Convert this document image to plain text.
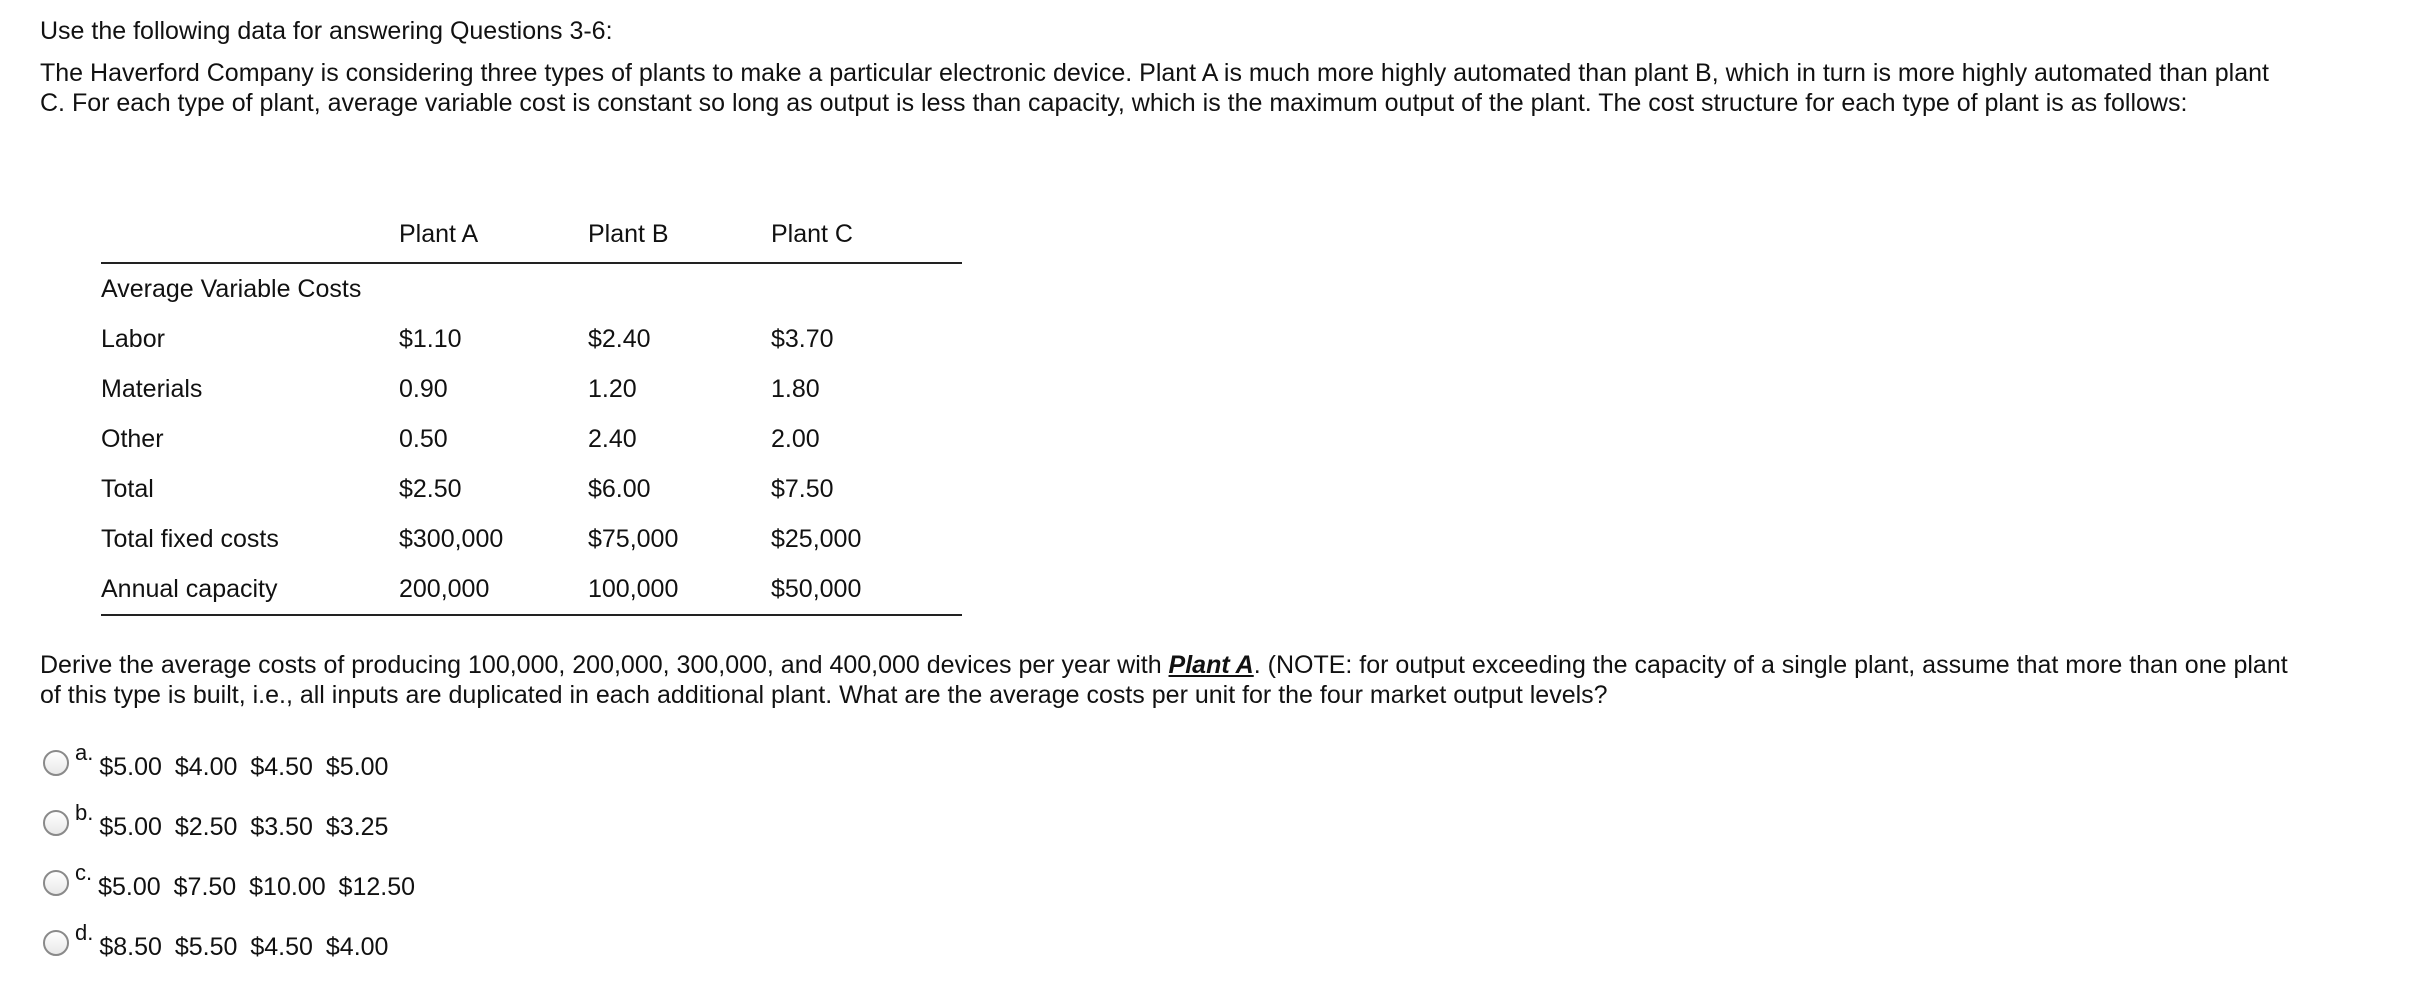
Use the following data for answering Questions 3-6:

The Haverford Company is considering three types of plants to make a particular electronic device. Plant A is much more highly automated than plant B, which in turn is more highly automated than plant C. For each type of plant, average variable cost is constant so long as output is less than capacity, which is the maximum output of the plant. The cost structure for each type of plant is as follows:

	Plant A	Plant B	Plant C
Average Variable Costs			
Labor	$1.10	$2.40	$3.70
Materials	0.90	1.20	1.80
Other	0.50	2.40	2.00
Total	$2.50	$6.00	$7.50
Total fixed costs	$300,000	$75,000	$25,000
Annual capacity	200,000	100,000	$50,000

Derive the average costs of producing 100,000, 200,000, 300,000, and 400,000 devices per year with Plant A. (NOTE: for output exceeding the capacity of a single plant, assume that more than one plant of this type is built, i.e., all inputs are duplicated in each additional plant. What are the average costs per unit for the four market output levels?

a.
$5.00 $4.00 $4.50 $5.00
b.
$5.00 $2.50 $3.50 $3.25
c.
$5.00 $7.50 $10.00 $12.50
d.
$8.50 $5.50 $4.50 $4.00
